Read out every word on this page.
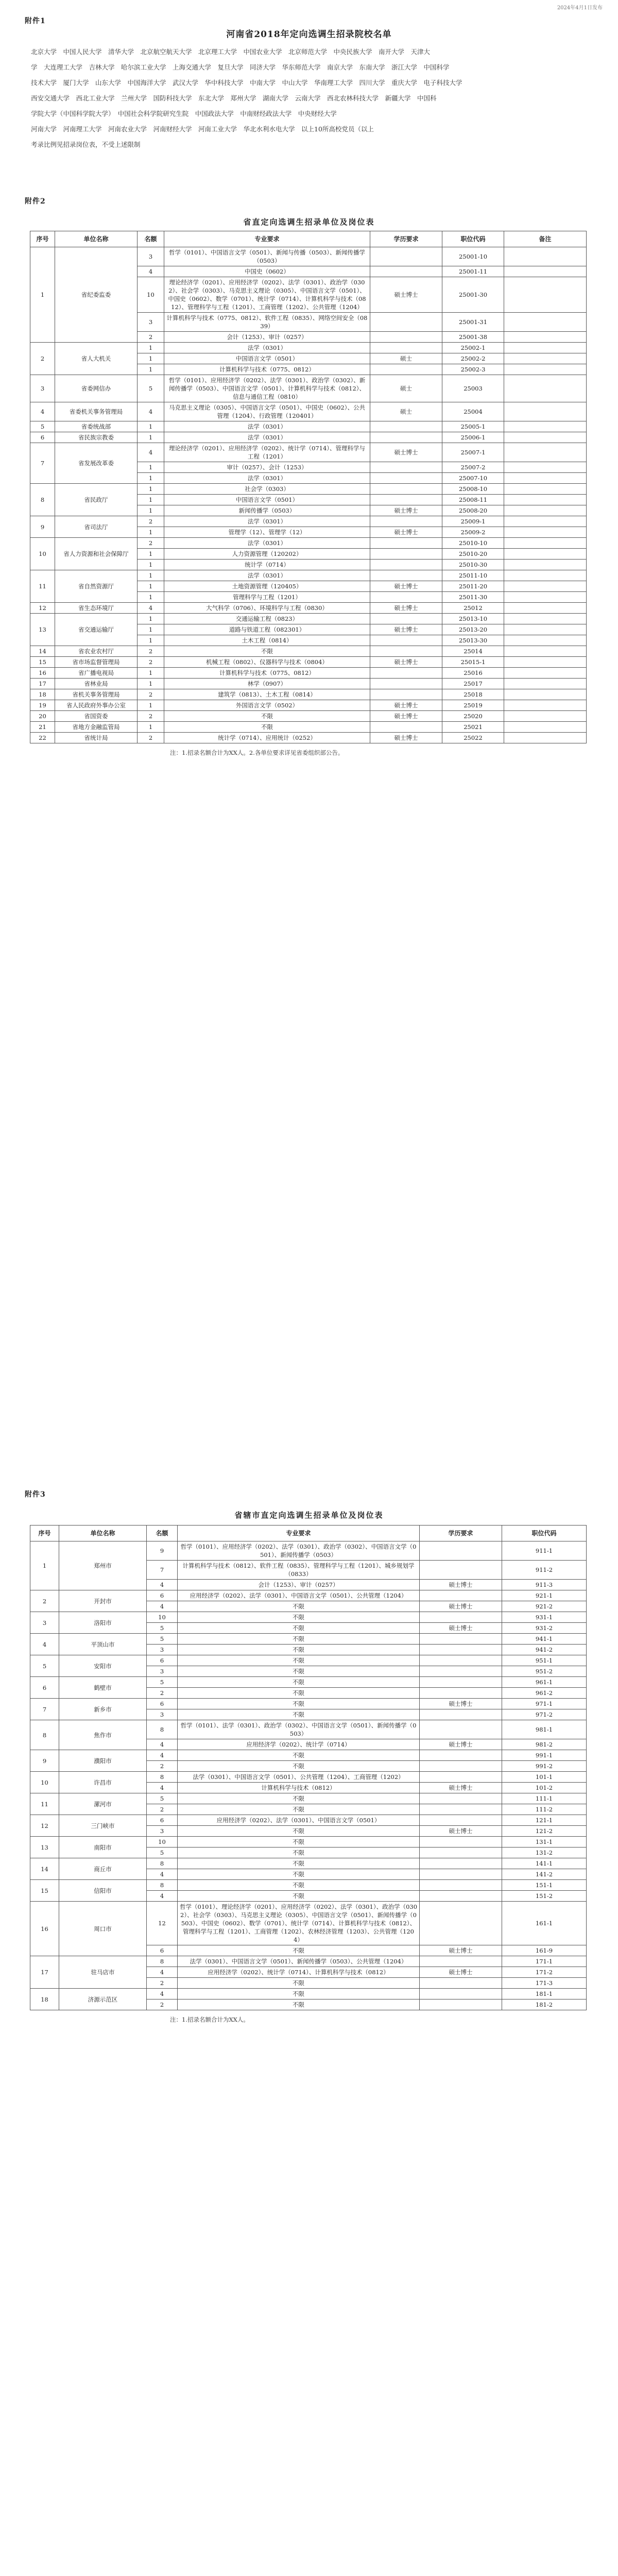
2024年4月1日发布
附件1
河南省2018年定向选调生招录院校名单
北京大学　中国人民大学　清华大学　北京航空航天大学　北京理工大学　中国农业大学　北京师范大学　中央民族大学　南开大学　天津大
学　大连理工大学　吉林大学　哈尔滨工业大学　上海交通大学　复旦大学　同济大学　华东师范大学　南京大学　东南大学　浙江大学　中国科学
技术大学　厦门大学　山东大学　中国海洋大学　武汉大学　华中科技大学　中南大学　中山大学　华南理工大学　四川大学　重庆大学　电子科技大学
西安交通大学　西北工业大学　兰州大学　国防科技大学　东北大学　郑州大学　湖南大学　云南大学　西北农林科技大学　新疆大学　中国科
学院大学（中国科学院大学）　中国社会科学院研究生院　中国政法大学　中南财经政法大学　中央财经大学
河南大学　河南理工大学　河南农业大学　河南财经大学　河南工业大学　华北水利水电大学　以上10所高校党员（以上
考录比例见招录岗位表，不受上述限制
附件2
省直定向选调生招录单位及岗位表
序号	单位名称	名额	专业要求	学历要求	职位代码	备注
1	省纪委监委	3	哲学（0101）、中国语言文学（0501）、新闻与传播（0503）、新闻传播学（0503）		25001-10	
		4	中国史（0602）		25001-11	
		10	理论经济学（0201）、应用经济学（0202）、法学（0301）、政治学（0302）、社会学（0303）、马克思主义理论（0305）、中国语言文学（0501）、中国史（0602）、数学（0701）、统计学（0714）、计算机科学与技术（0812）、管理科学与工程（1201）、工商管理（1202）、公共管理（1204）	硕士博士	25001-30	
		3	计算机科学与技术（0775、0812）、软件工程（0835）、网络空间安全（0839）		25001-31	
		2	会计（1253）、审计（0257）		25001-38	
2	省人大机关	1	法学（0301）		25002-1	
		1	中国语言文学（0501）	硕士	25002-2	
		1	计算机科学与技术（0775、0812）		25002-3	
3	省委网信办	5	哲学（0101）、应用经济学（0202）、法学（0301）、政治学（0302）、新闻传播学（0503）、中国语言文学（0501）、计算机科学与技术（0812）、信息与通信工程（0810）	硕士	25003	
4	省委机关事务管理局	4	马克思主义理论（0305）、中国语言文学（0501）、中国史（0602）、公共管理（1204）、行政管理（120401）	硕士	25004	
5	省委统战部	1	法学（0301）		25005-1	
6	省民族宗教委	1	法学（0301）		25006-1	
7	省发展改革委	4	理论经济学（0201）、应用经济学（0202）、统计学（0714）、管理科学与工程（1201）	硕士博士	25007-1	
		1	审计（0257）、会计（1253）		25007-2	
		1	法学（0301）		25007-10	
8	省民政厅	1	社会学（0303）		25008-10	
		1	中国语言文学（0501）		25008-11	
		1	新闻传播学（0503）	硕士博士	25008-20	
9	省司法厅	2	法学（0301）		25009-1	
		1	管理学（12）、管理学（12）	硕士博士	25009-2	
10	省人力资源和社会保障厅	2	法学（0301）		25010-10	
		1	人力资源管理（120202）		25010-20	
		1	统计学（0714）		25010-30	
11	省自然资源厅	1	法学（0301）		25011-10	
		1	土地资源管理（120405）	硕士博士	25011-20	
		1	管理科学与工程（1201）		25011-30	
12	省生态环境厅	4	大气科学（0706）、环境科学与工程（0830）	硕士博士	25012	
13	省交通运输厅	1	交通运输工程（0823）		25013-10	
		1	道路与铁道工程（082301）	硕士博士	25013-20	
		1	土木工程（0814）		25013-30	
14	省农业农村厅	2	不限		25014	
15	省市场监督管理局	2	机械工程（0802）、仪器科学与技术（0804）	硕士博士	25015-1	
16	省广播电视局	1	计算机科学与技术（0775、0812）		25016	
17	省林业局	1	林学（0907）		25017	
18	省机关事务管理局	2	建筑学（0813）、土木工程（0814）		25018	
19	省人民政府外事办公室	1	外国语言文学（0502）	硕士博士	25019	
20	省国资委	2	不限	硕士博士	25020	
21	省地方金融监管局	1	不限		25021	
22	省统计局	2	统计学（0714）、应用统计（0252）	硕士博士	25022	
注：1.招录名额合计为XX人。2.各单位要求详见省委组织部公告。
附件3
省辖市直定向选调生招录单位及岗位表
序号	单位名称	名额	专业要求	学历要求	职位代码
1	郑州市	9	哲学（0101）、应用经济学（0202）、法学（0301）、政治学（0302）、中国语言文学（0501）、新闻传播学（0503）		911-1
		7	计算机科学与技术（0812）、软件工程（0835）、管理科学与工程（1201）、城乡规划学（0833）		911-2
		4	会计（1253）、审计（0257）	硕士博士	911-3
2	开封市	6	应用经济学（0202）、法学（0301）、中国语言文学（0501）、公共管理（1204）		921-1
		4	不限	硕士博士	921-2
3	洛阳市	10	不限		931-1
		5	不限	硕士博士	931-2
4	平顶山市	5	不限		941-1
		3	不限		941-2
5	安阳市	6	不限		951-1
		3	不限		951-2
6	鹤壁市	5	不限		961-1
		2	不限		961-2
7	新乡市	6	不限	硕士博士	971-1
		3	不限		971-2
8	焦作市	8	哲学（0101）、法学（0301）、政治学（0302）、中国语言文学（0501）、新闻传播学（0503）		981-1
		4	应用经济学（0202）、统计学（0714）	硕士博士	981-2
9	濮阳市	4	不限		991-1
		2	不限		991-2
10	许昌市	8	法学（0301）、中国语言文学（0501）、公共管理（1204）、工商管理（1202）		101-1
		4	计算机科学与技术（0812）	硕士博士	101-2
11	漯河市	5	不限		111-1
		2	不限		111-2
12	三门峡市	6	应用经济学（0202）、法学（0301）、中国语言文学（0501）		121-1
		3	不限	硕士博士	121-2
13	南阳市	10	不限		131-1
		5	不限		131-2
14	商丘市	8	不限		141-1
		4	不限		141-2
15	信阳市	8	不限		151-1
		4	不限		151-2
16	周口市	12	哲学（0101）、理论经济学（0201）、应用经济学（0202）、法学（0301）、政治学（0302）、社会学（0303）、马克思主义理论（0305）、中国语言文学（0501）、新闻传播学（0503）、中国史（0602）、数学（0701）、统计学（0714）、计算机科学与技术（0812）、管理科学与工程（1201）、工商管理（1202）、农林经济管理（1203）、公共管理（1204）		161-1
		6	不限	硕士博士	161-9
17	驻马店市	8	法学（0301）、中国语言文学（0501）、新闻传播学（0503）、公共管理（1204）		171-1
		4	应用经济学（0202）、统计学（0714）、计算机科学与技术（0812）	硕士博士	171-2
		2	不限		171-3
18	济源示范区	4	不限		181-1
		2	不限		181-2
注：1.招录名额合计为XX人。
